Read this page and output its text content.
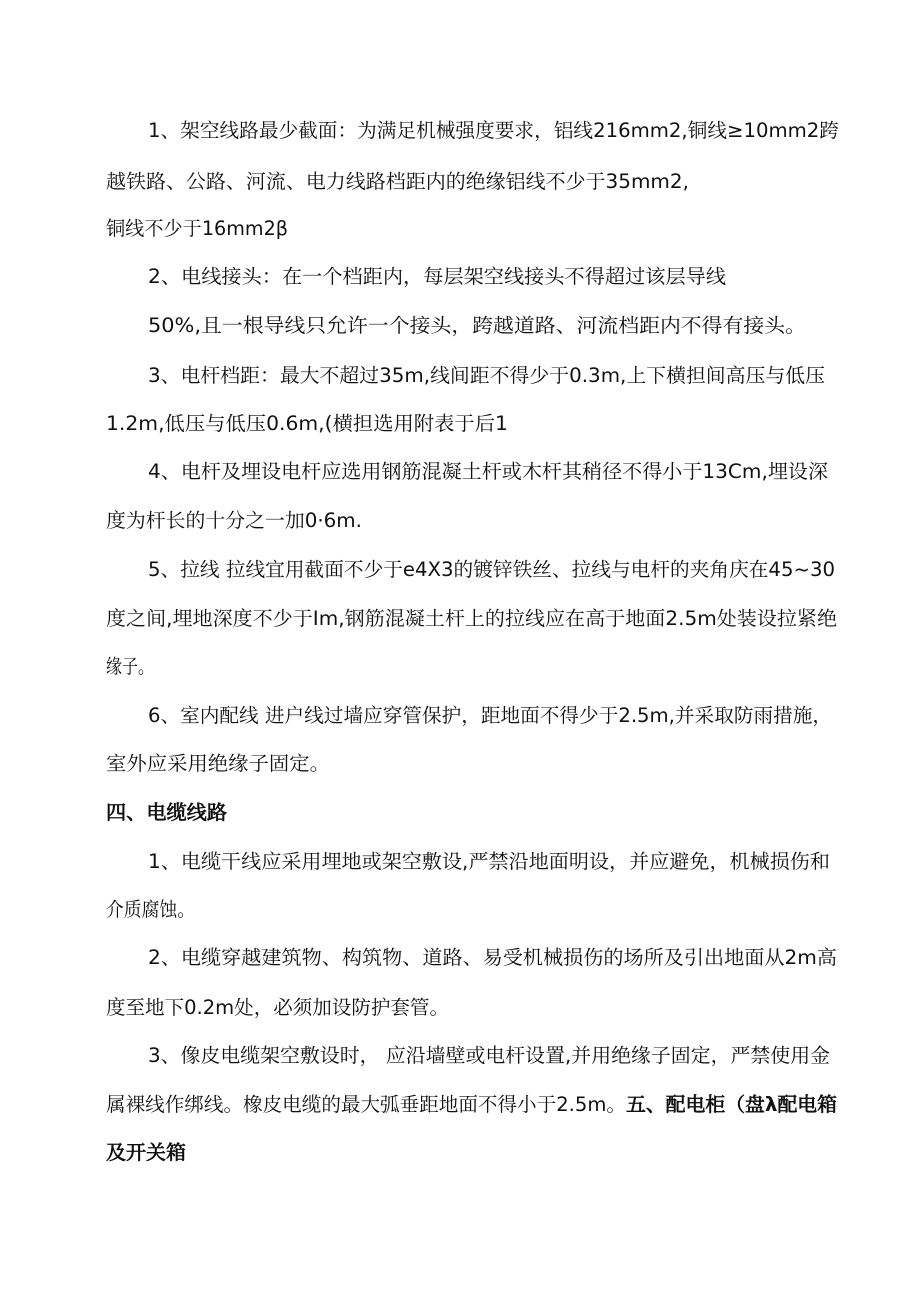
1、架空线路最少截面：为满足机械强度要求，铝线216mm2,铜线≥10mm2跨
越铁路、公路、河流、电力线路档距内的绝缘铝线不少于35mm2,
铜线不少于16mm2β
2、电线接头：在一个档距内，每层架空线接头不得超过该层导线
50%,且一根导线只允许一个接头，跨越道路、河流档距内不得有接头。
3、电杆档距：最大不超过35m,线间距不得少于0.3m,上下横担间高压与低压
1.2m,低压与低压0.6m,(横担选用附表于后1
4、电杆及埋设电杆应选用钢筋混凝土杆或木杆其稍径不得小于13Cm,埋设深
度为杆长的十分之一加0·6m.
5、拉线 拉线宜用截面不少于e4X3的镀锌铁丝、拉线与电杆的夹角庆在45~30
度之间,埋地深度不少于Im,钢筋混凝土杆上的拉线应在高于地面2.5m处装设拉紧绝
缘子。
6、室内配线 进户线过墙应穿管保护，距地面不得少于2.5m,并采取防雨措施，
室外应采用绝缘子固定。
四、电缆线路
1、电缆干线应采用埋地或架空敷设,严禁沿地面明设，并应避免，机械损伤和
介质腐蚀。
2、电缆穿越建筑物、构筑物、道路、易受机械损伤的场所及引出地面从2m高
度至地下0.2m处，必须加设防护套管。
3、像皮电缆架空敷设时， 应沿墙壁或电杆设置,并用绝缘子固定，严禁使用金
属裸线作绑线。橡皮电缆的最大弧垂距地面不得小于2.5m。 五、配电柜（盘λ配电箱
及开关箱
